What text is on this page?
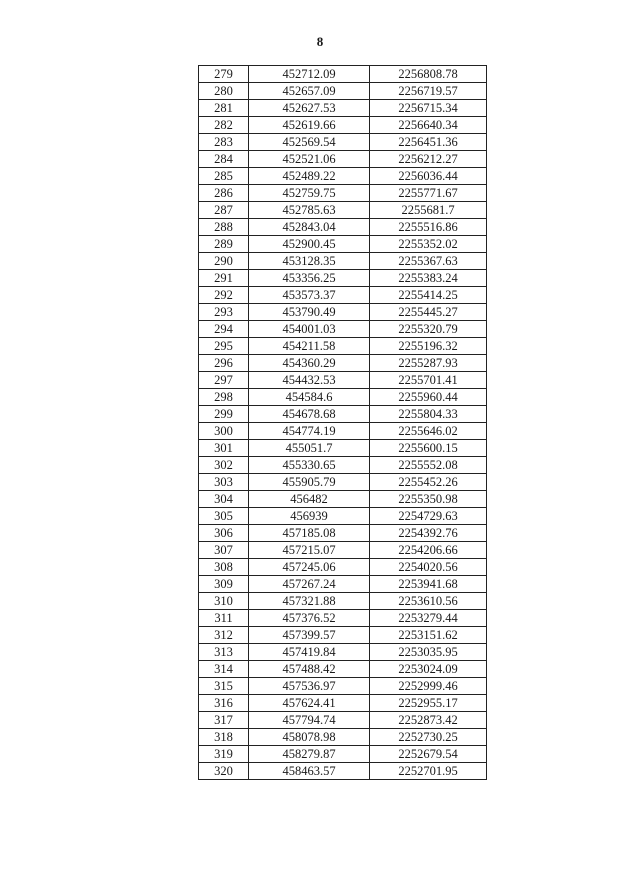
8
279	452712.09	2256808.78
280	452657.09	2256719.57
281	452627.53	2256715.34
282	452619.66	2256640.34
283	452569.54	2256451.36
284	452521.06	2256212.27
285	452489.22	2256036.44
286	452759.75	2255771.67
287	452785.63	2255681.7
288	452843.04	2255516.86
289	452900.45	2255352.02
290	453128.35	2255367.63
291	453356.25	2255383.24
292	453573.37	2255414.25
293	453790.49	2255445.27
294	454001.03	2255320.79
295	454211.58	2255196.32
296	454360.29	2255287.93
297	454432.53	2255701.41
298	454584.6	2255960.44
299	454678.68	2255804.33
300	454774.19	2255646.02
301	455051.7	2255600.15
302	455330.65	2255552.08
303	455905.79	2255452.26
304	456482	2255350.98
305	456939	2254729.63
306	457185.08	2254392.76
307	457215.07	2254206.66
308	457245.06	2254020.56
309	457267.24	2253941.68
310	457321.88	2253610.56
311	457376.52	2253279.44
312	457399.57	2253151.62
313	457419.84	2253035.95
314	457488.42	2253024.09
315	457536.97	2252999.46
316	457624.41	2252955.17
317	457794.74	2252873.42
318	458078.98	2252730.25
319	458279.87	2252679.54
320	458463.57	2252701.95
